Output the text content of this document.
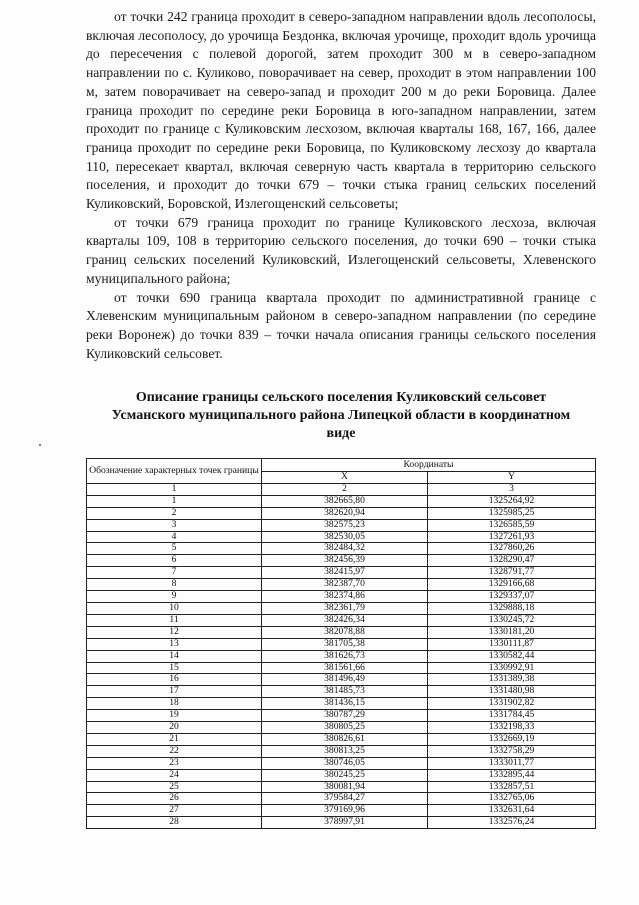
от точки 242 граница проходит в северо-западном направлении вдоль лесополосы, включая лесополосу, до урочища Бездонка, включая урочище, проходит вдоль урочища до пересечения с полевой дорогой, затем проходит 300 м в северо-западном направлении по с. Куликово, поворачивает на север, проходит в этом направлении 100 м, затем поворачивает на северо-запад и проходит 200 м до реки Боровица. Далее граница проходит по середине реки Боровица в юго-западном направлении, затем проходит по границе с Куликовским лесхозом, включая кварталы 168, 167, 166, далее граница проходит по середине реки Боровица, по Куликовскому лесхозу до квартала 110, пересекает квартал, включая северную часть квартала в территорию сельского поселения, и проходит до точки 679 – точки стыка границ сельских поселений Куликовский, Боровской, Излегощенский сельсоветы;

от точки 679 граница проходит по границе Куликовского лесхоза, включая кварталы 109, 108 в территорию сельского поселения, до точки 690 – точки стыка границ сельских поселений Куликовский, Излегощенский сельсоветы, Хлевенского муниципального района;

от точки 690 граница квартала проходит по административной границе с Хлевенским муниципальным районом в северо-западном направлении (по середине реки Воронеж) до точки 839 – точки начала описания границы сельского поселения Куликовский сельсовет.

Описание границы сельского поселения Куликовский сельсовет
Усманского муниципального района Липецкой области в координатном
виде
Обозначение характерных точек границы	Координаты	
	X	Y
1	2	3
1	382665,80	1325264,92
2	382620,94	1325985,25
3	382575,23	1326585,59
4	382530,05	1327261,93
5	382484,32	1327860,26
6	382456,39	1328290,47
7	382415,97	1328791,77
8	382387,70	1329166,68
9	382374,86	1329337,07
10	382361,79	1329888,18
11	382426,34	1330245,72
12	382078,88	1330181,20
13	381705,38	1330111,87
14	381626,73	1330582,44
15	381561,66	1330992,91
16	381496,49	1331389,38
17	381485,73	1331480,98
18	381436,15	1331902,82
19	380787,29	1331784,45
20	380805,25	1332198,33
21	380826,61	1332669,19
22	380813,25	1332758,29
23	380746,05	1333011,77
24	380245,25	1332895,44
25	380081,94	1332857,51
26	379584,27	1332765,06
27	379169,96	1332631,64
28	378997,91	1332576,24
